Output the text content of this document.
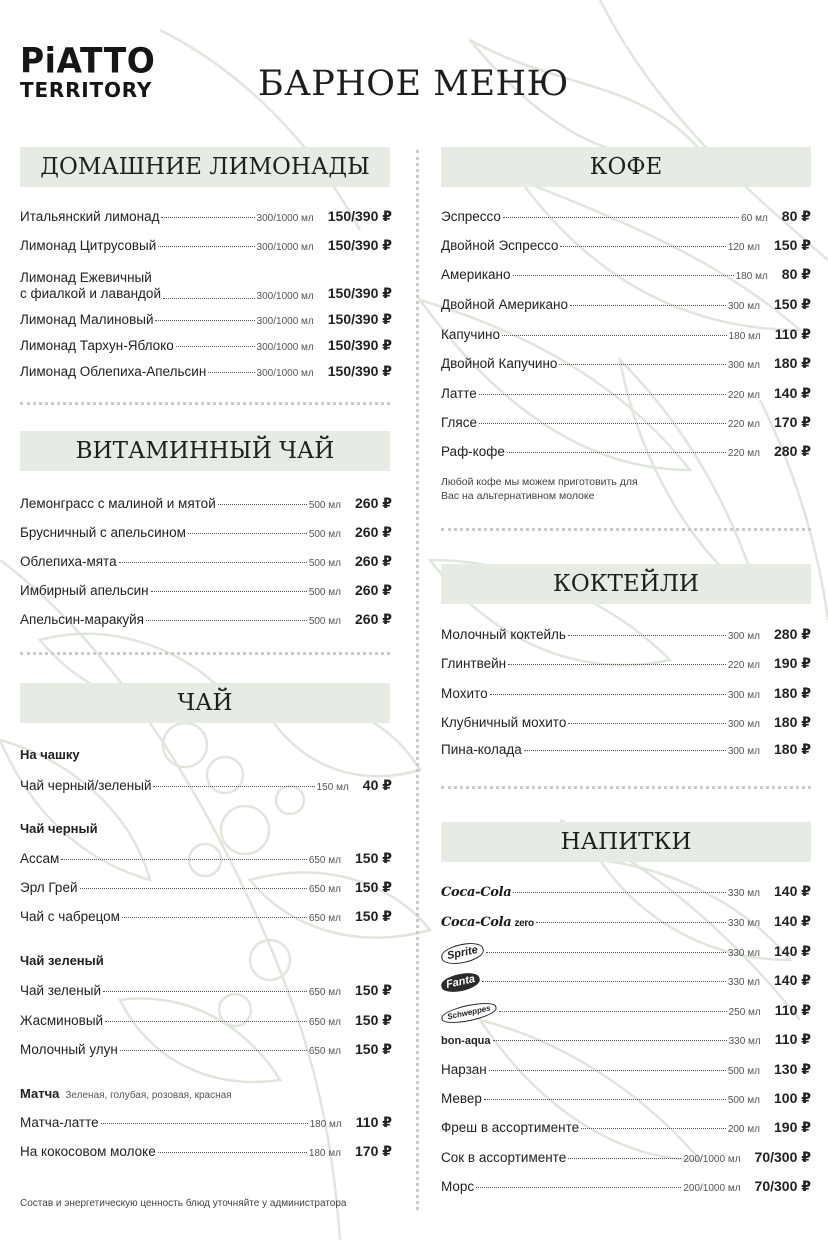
PiATTO
TERRITORY	БАРНОЕ МЕНЮ
ДОМАШНИЕ ЛИМОНАДЫ
Итальянский лимонад	300/1000 мл 150/390 ₽
Лимонад Цитрусовый	300/1000 мл 150/390 ₽
Лимонад Ежевичный
с фиалкой и лавандой	300/1000 мл 150/390 ₽
Лимонад Малиновый	300/1000 мл 150/390 ₽
Лимонад Тархун-Яблоко	300/1000 мл 150/390 ₽
Лимонад Облепиха-Апельсин	300/1000 мл 150/390 ₽
ВИТАМИННЫЙ ЧАЙ
Лемонграсс с малиной и мятой	500 мл 260 ₽
Брусничный с апельсином	500 мл 260 ₽
Облепиха-мята	500 мл 260 ₽
Имбирный апельсин	500 мл 260 ₽
Апельсин-маракуйя	500 мл 260 ₽
ЧАЙ
На чашку
Чай черный/зеленый	150 мл 40 ₽
Чай черный
Ассам	650 мл 150 ₽
Эрл Грей	650 мл 150 ₽
Чай с чабрецом	650 мл 150 ₽
Чай зеленый
Чай зеленый	650 мл 150 ₽
Жасминовый	650 мл 150 ₽
Молочный улун	650 мл 150 ₽
Матча Зеленая, голубая, розовая, красная
Матча-латте	180 мл 110 ₽
На кокосовом молоке	180 мл 170 ₽
Состав и энергетическую ценность блюд уточняйте у администратора
КОФЕ
Эспрессо	60 мл 80 ₽
Двойной Эспрессо	120 мл 150 ₽
Американо	180 мл 80 ₽
Двойной Американо	300 мл 150 ₽
Капучино	180 мл 110 ₽
Двойной Капучино	300 мл 180 ₽
Латте	220 мл 140 ₽
Глясе	220 мл 170 ₽
Раф-кофе	220 мл 280 ₽
Любой кофе мы можем приготовить для
Вас на альтернативном молоке
КОКТЕЙЛИ
Молочный коктейль	300 мл 280 ₽
Глинтвейн	220 мл 190 ₽
Мохито	300 мл 180 ₽
Клубничный мохито	300 мл 180 ₽
Пина-колада	300 мл 180 ₽
НАПИТКИ
Coca-Cola	330 мл 140 ₽
Coca-Cola zero	330 мл 140 ₽
Sprite	330 мл 140 ₽
Fanta	330 мл 140 ₽
Schweppes	250 мл 110 ₽
bon-aqua	330 мл 110 ₽
Нарзан	500 мл 130 ₽
Мевер	500 мл 100 ₽
Фреш в ассортименте	200 мл 190 ₽
Сок в ассортименте	200/1000 мл 70/300 ₽
Морс	200/1000 мл 70/300 ₽
